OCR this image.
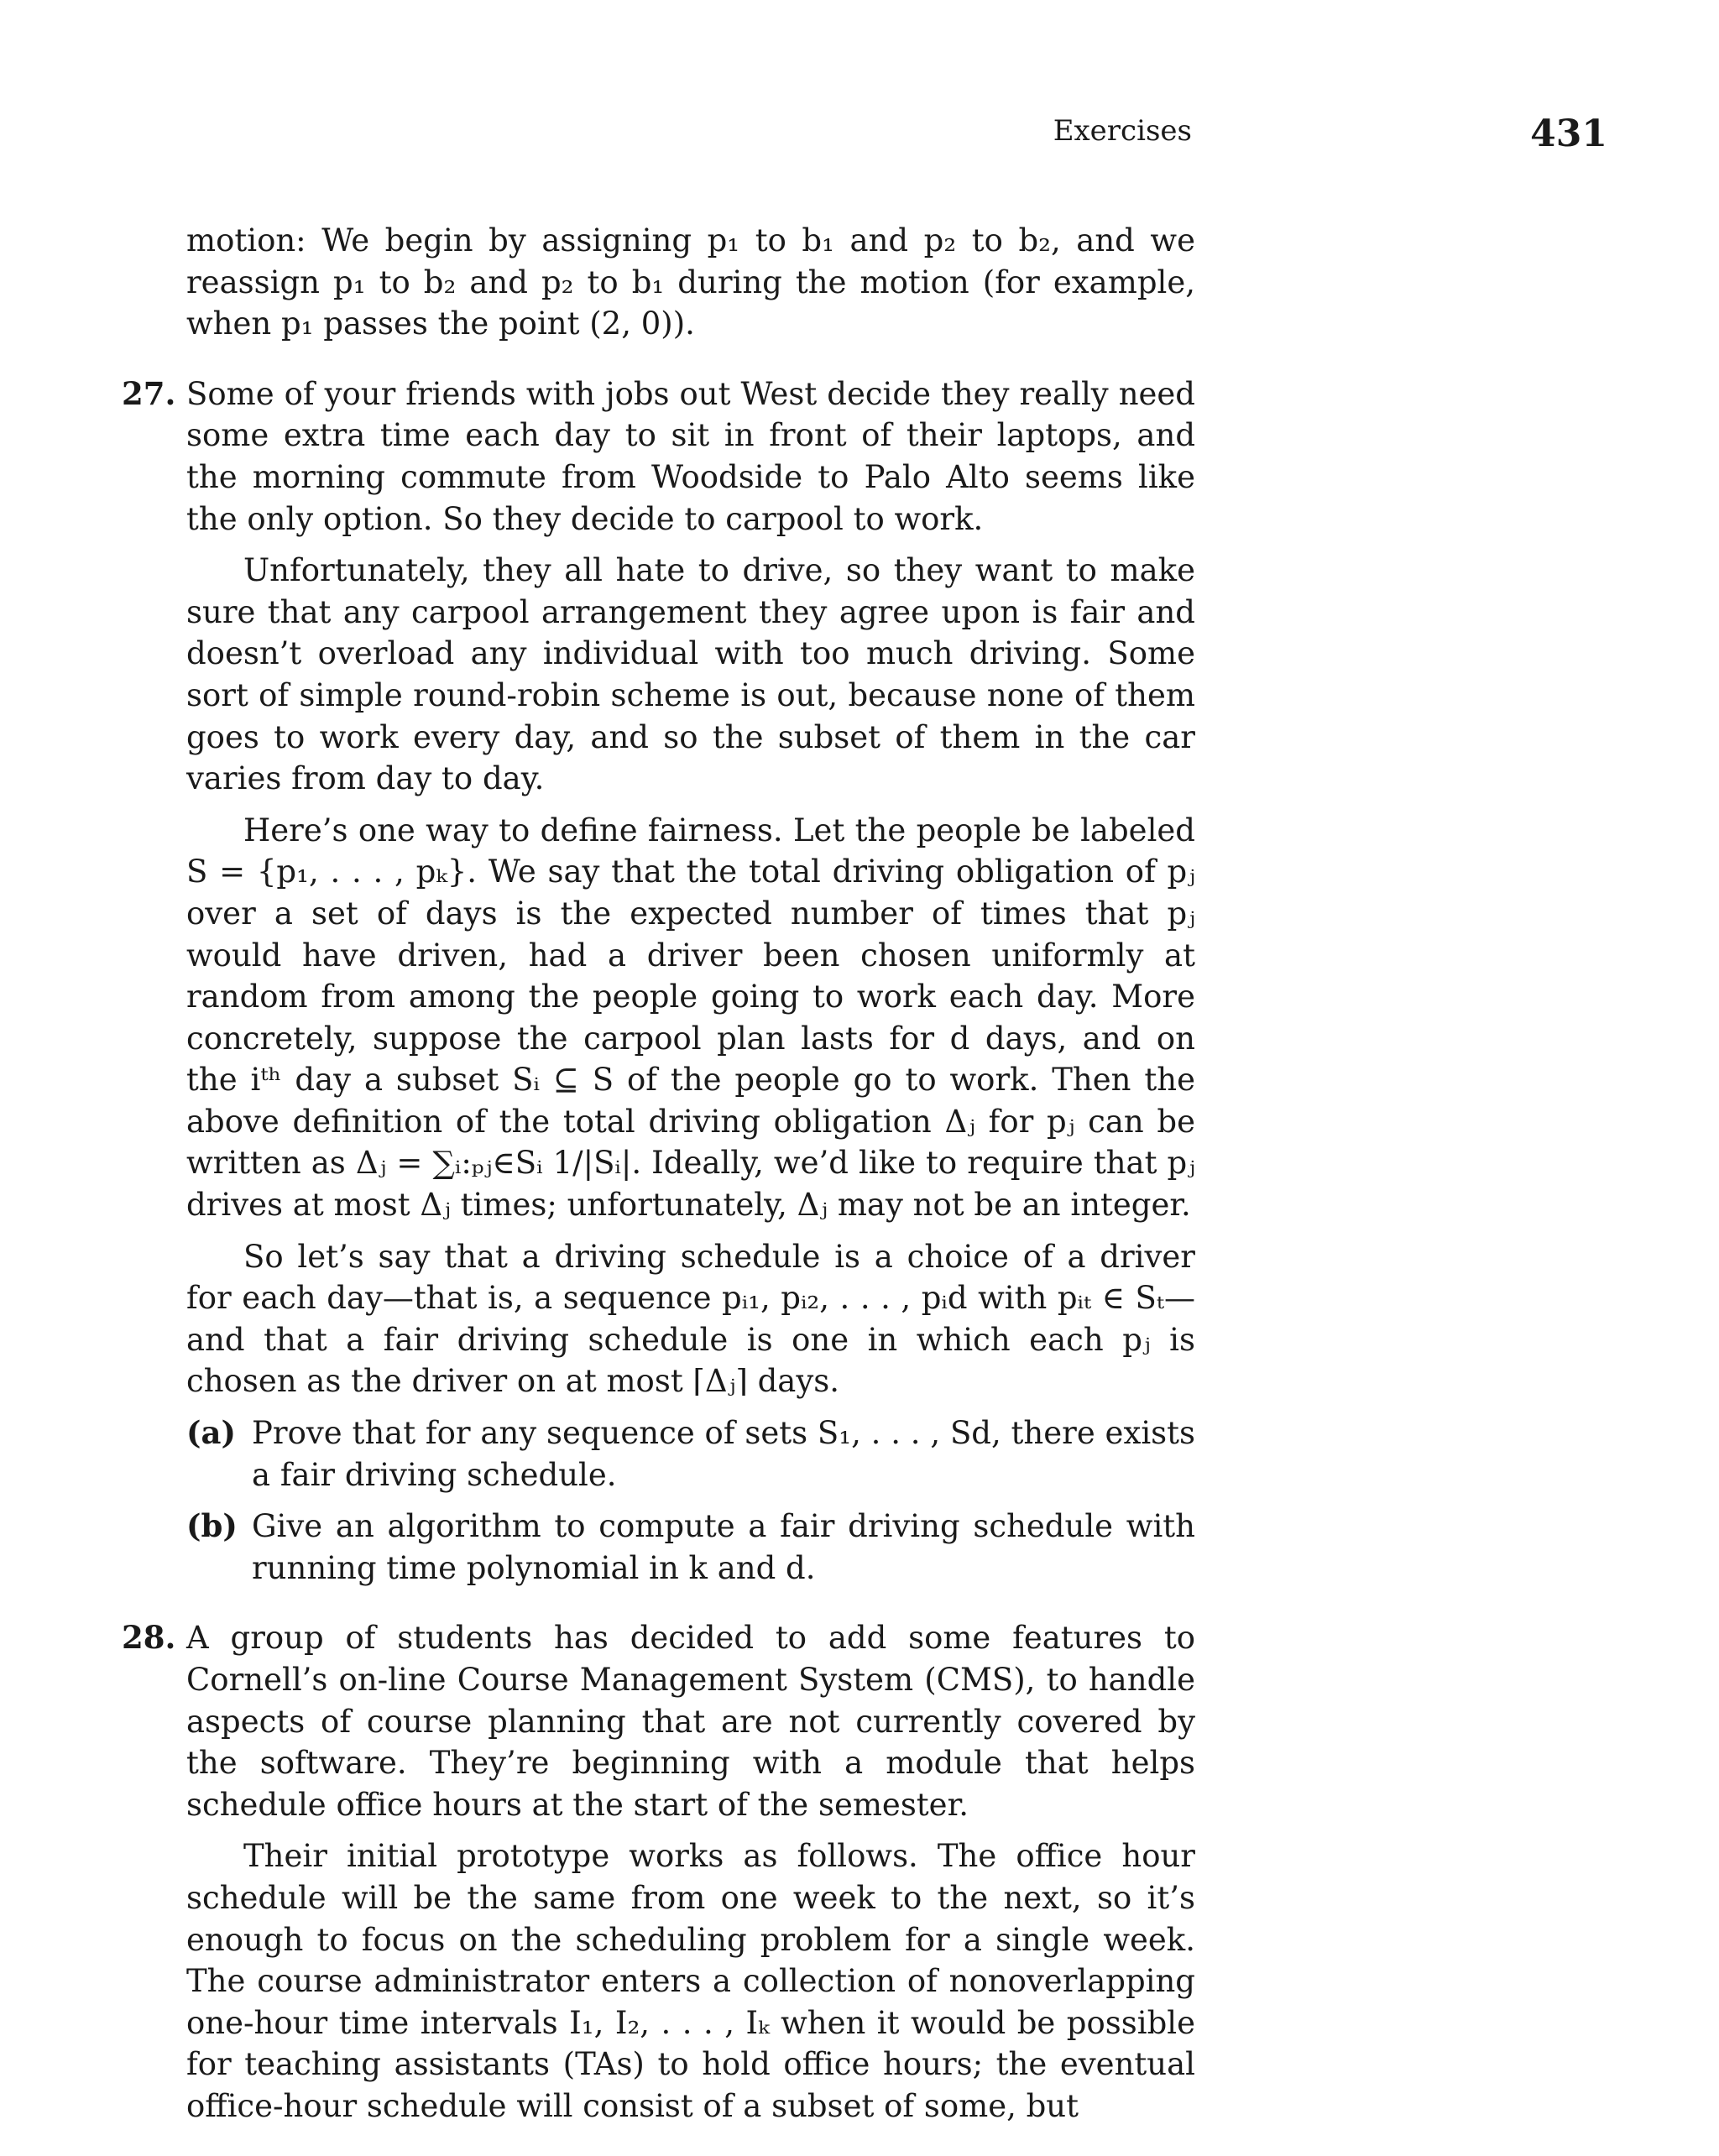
Exercises	431

motion: We begin by assigning p₁ to b₁ and p₂ to b₂, and we reassign p₁ to b₂ and p₂ to b₁ during the motion (for example, when p₁ passes the point (2, 0)).

27. Some of your friends with jobs out West decide they really need some extra time each day to sit in front of their laptops, and the morning commute from Woodside to Palo Alto seems like the only option. So they decide to carpool to work.

Unfortunately, they all hate to drive, so they want to make sure that any carpool arrangement they agree upon is fair and doesn’t overload any individual with too much driving. Some sort of simple round-robin scheme is out, because none of them goes to work every day, and so the subset of them in the car varies from day to day.

Here’s one way to define fairness. Let the people be labeled S = {p₁, . . . , pₖ}. We say that the total driving obligation of pⱼ over a set of days is the expected number of times that pⱼ would have driven, had a driver been chosen uniformly at random from among the people going to work each day. More concretely, suppose the carpool plan lasts for d days, and on the iᵗʰ day a subset Sᵢ ⊆ S of the people go to work. Then the above definition of the total driving obligation Δⱼ for pⱼ can be written as Δⱼ = ∑ᵢ:ₚⱼ∈Sᵢ 1/|Sᵢ|. Ideally, we’d like to require that pⱼ drives at most Δⱼ times; unfortunately, Δⱼ may not be an integer.

So let’s say that a driving schedule is a choice of a driver for each day—that is, a sequence pᵢ₁, pᵢ₂, . . . , pᵢd with pᵢₜ ∈ Sₜ—and that a fair driving schedule is one in which each pⱼ is chosen as the driver on at most ⌈Δⱼ⌉ days.

(a) Prove that for any sequence of sets S₁, . . . , Sd, there exists a fair driving schedule.
(b) Give an algorithm to compute a fair driving schedule with running time polynomial in k and d.
28. A group of students has decided to add some features to Cornell’s on-line Course Management System (CMS), to handle aspects of course planning that are not currently covered by the software. They’re beginning with a module that helps schedule office hours at the start of the semester.

Their initial prototype works as follows. The office hour schedule will be the same from one week to the next, so it’s enough to focus on the scheduling problem for a single week. The course administrator enters a collection of nonoverlapping one-hour time intervals I₁, I₂, . . . , Iₖ when it would be possible for teaching assistants (TAs) to hold office hours; the eventual office-hour schedule will consist of a subset of some, but
